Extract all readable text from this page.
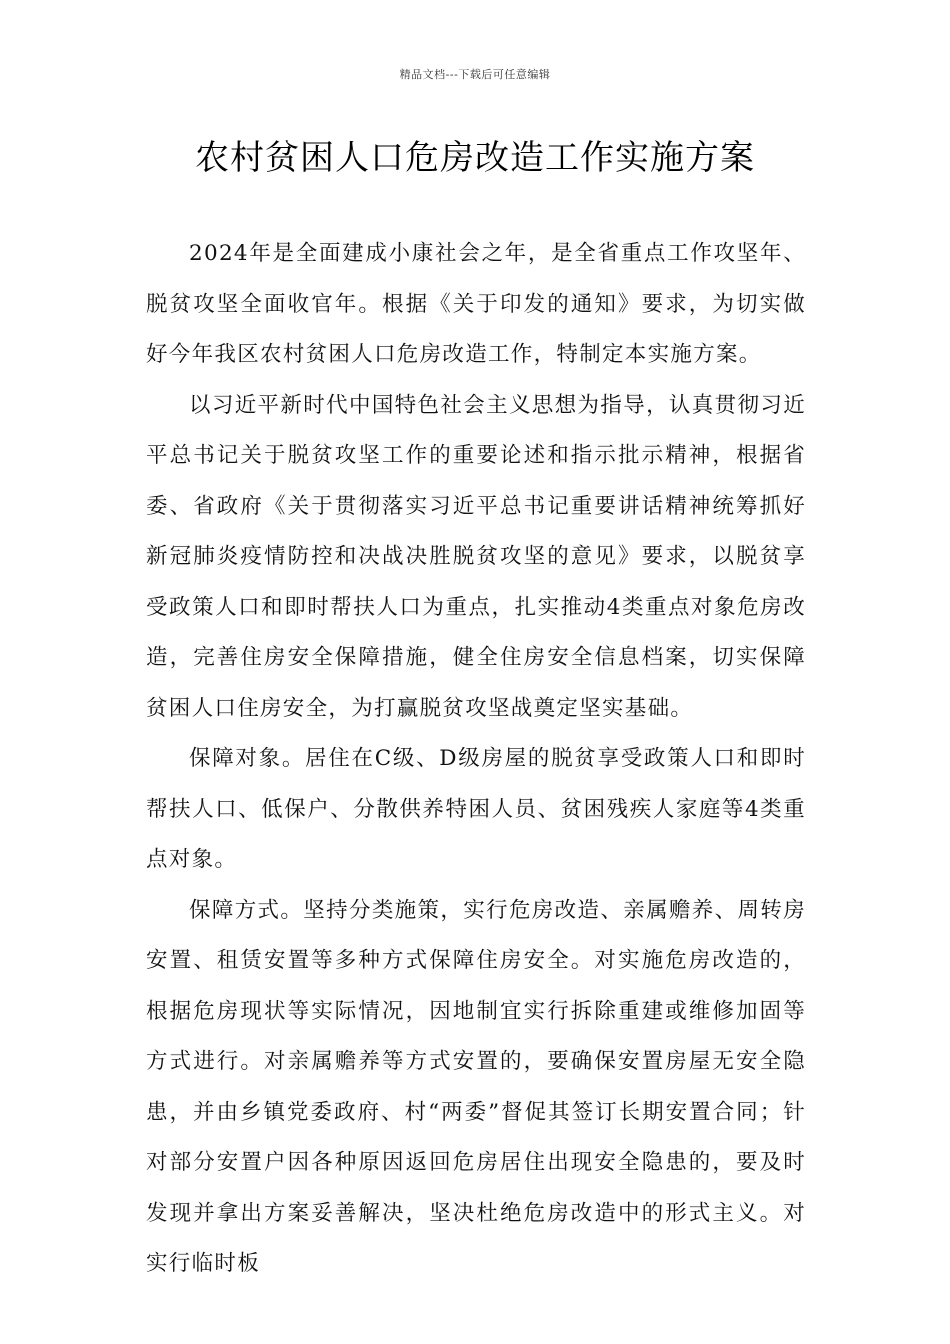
精品文档---下载后可任意编辑
农村贫困人口危房改造工作实施方案

2024年是全面建成小康社会之年，是全省重点工作攻坚年、脱贫攻坚全面收官年。根据《关于印发的通知》要求，为切实做好今年我区农村贫困人口危房改造工作，特制定本实施方案。

以习近平新时代中国特色社会主义思想为指导，认真贯彻习近平总书记关于脱贫攻坚工作的重要论述和指示批示精神，根据省委、省政府《关于贯彻落实习近平总书记重要讲话精神统筹抓好新冠肺炎疫情防控和决战决胜脱贫攻坚的意见》要求，以脱贫享受政策人口和即时帮扶人口为重点，扎实推动4类重点对象危房改造，完善住房安全保障措施，健全住房安全信息档案，切实保障贫困人口住房安全，为打赢脱贫攻坚战奠定坚实基础。

保障对象。居住在C级、D级房屋的脱贫享受政策人口和即时帮扶人口、低保户、分散供养特困人员、贫困残疾人家庭等4类重点对象。

保障方式。坚持分类施策，实行危房改造、亲属赡养、周转房安置、租赁安置等多种方式保障住房安全。对实施危房改造的，根据危房现状等实际情况，因地制宜实行拆除重建或维修加固等方式进行。对亲属赡养等方式安置的，要确保安置房屋无安全隐患，并由乡镇党委政府、村“两委”督促其签订长期安置合同；针对部分安置户因各种原因返回危房居住出现安全隐患的，要及时发现并拿出方案妥善解决，坚决杜绝危房改造中的形式主义。对实行临时板
